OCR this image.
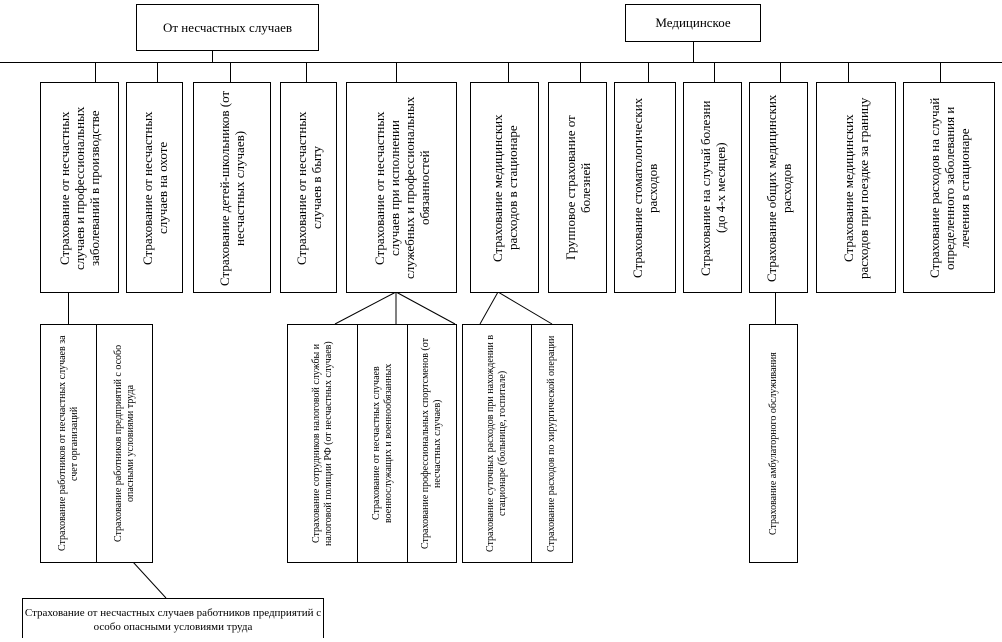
От несчастных случаев	Медицинское
Страхование от несчастных случаев и профессиональных заболеваний в производстве	Страхование от несчастных случаев на охоте	Страхование детей-школьников (от несчастных случаев)	Страхование от несчастных случаев в быту	Страхование от несчастных случаев при исполнении служебных и профессиональных обязанностей	Страхование медицинских расходов в стационаре	Групповое страхование от болезней	Страхование стоматологических расходов	Страхование на случай болезни (до 4-х месяцев)	Страхование общих медицинских расходов	Страхование медицинских расходов при поездке за границу	Страхование расходов на случай определенного заболевания и лечения в стационаре
Страхование работников от несчастных случаев за счет организаций	Страхование работников предприятий с особо опасными условиями труда	Страхование сотрудников налоговой службы и налоговой полиции РФ (от несчастных случаев)	Страхование от несчастных случаев военнослужащих и военнообязанных	Страхование профессиональных спортсменов (от несчастных случаев)	Страхование суточных расходов при нахождении в стационаре (больнице, госпитале)	Страхование расходов по хирургической операции	Страхование амбулаторного обслуживания
Страхование от несчастных случаев работников предприятий с особо опасными условиями труда
